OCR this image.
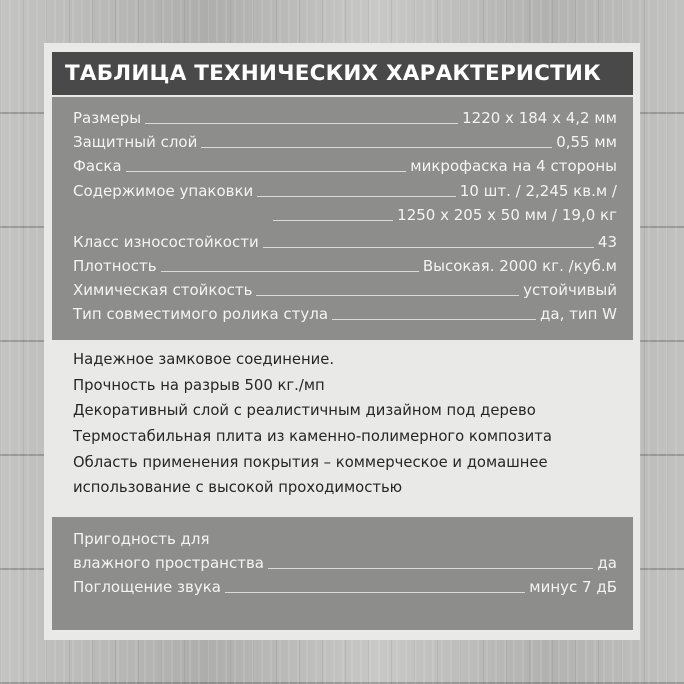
ТАБЛИЦА ТЕХНИЧЕСКИХ ХАРАКТЕРИСТИК
Размеры	1220 х 184 х 4,2 мм
Защитный слой	0,55 мм
Фаска	микрофаска на 4 стороны
Содержимое упаковки	10 шт. / 2,245 кв.м /
1250 х 205 х 50 мм / 19,0 кг
Класс износостойкости	43
Плотность	Высокая. 2000 кг. /куб.м
Химическая стойкость	устойчивый
Тип совместимого ролика стула	да, тип W
Надежное замковое соединение.
Прочность на разрыв 500 кг./мп
Декоративный слой с реалистичным дизайном под дерево
Термостабильная плита из каменно-полимерного композита
Область применения покрытия – коммерческое и домашнее
использование с высокой проходимостью
Пригодность для
влажного пространства	да
Поглощение звука	минус 7 дБ
